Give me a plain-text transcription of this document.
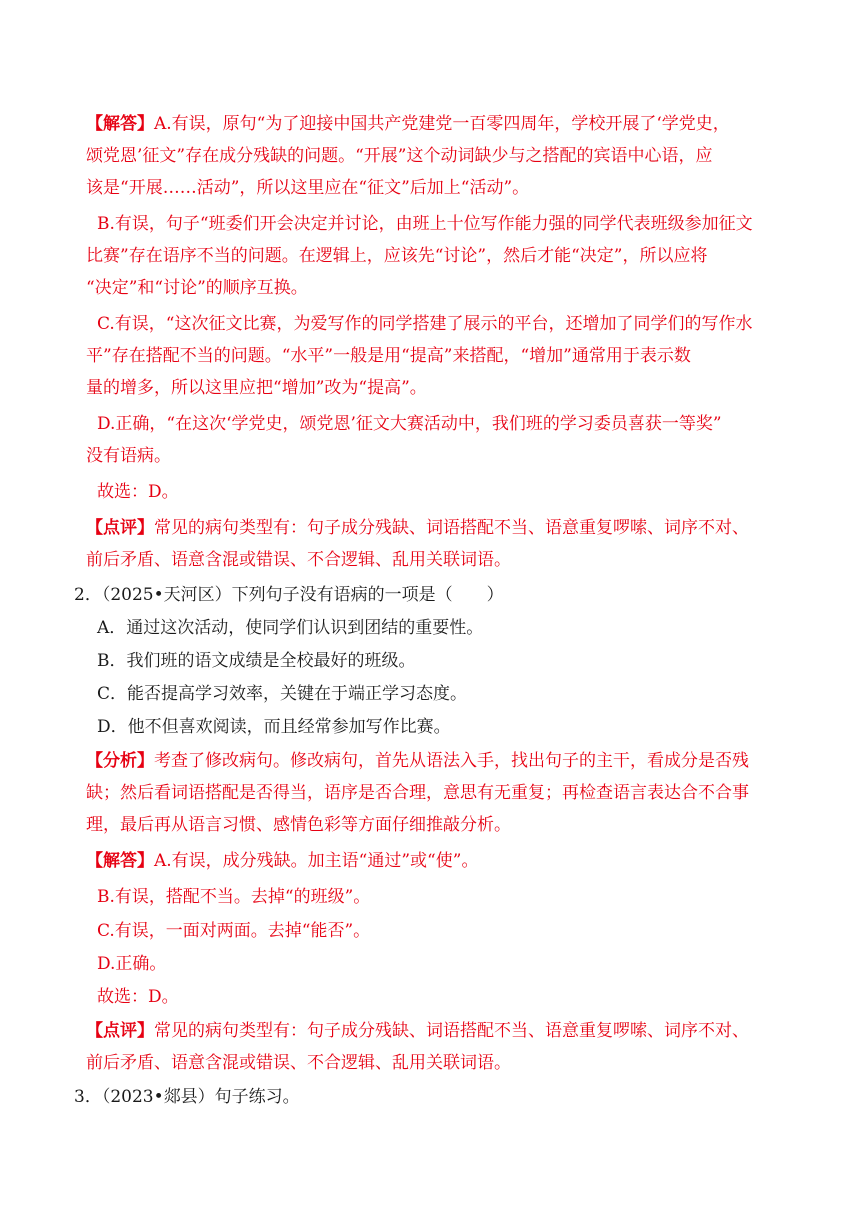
【解答】A.有误，原句“为了迎接中国共产党建党一百零四周年，学校开展了‘学党史，
颂党恩’征文”存在成分残缺的问题。“开展”这个动词缺少与之搭配的宾语中心语，应
该是“开展……活动”，所以这里应在“征文”后加上“活动”。
B.有误，句子“班委们开会决定并讨论，由班上十位写作能力强的同学代表班级参加征文
比赛”存在语序不当的问题。在逻辑上，应该先“讨论”，然后才能“决定”，所以应将
“决定”和“讨论”的顺序互换。
C.有误，“这次征文比赛，为爱写作的同学搭建了展示的平台，还增加了同学们的写作水
平”存在搭配不当的问题。“水平”一般是用“提高”来搭配，“增加”通常用于表示数
量的增多，所以这里应把“增加”改为“提高”。
D.正确，“在这次‘学党史，颂党恩’征文大赛活动中，我们班的学习委员喜获一等奖”
没有语病。
故选：D。
【点评】常见的病句类型有：句子成分残缺、词语搭配不当、语意重复啰嗦、词序不对、
前后矛盾、语意含混或错误、不合逻辑、乱用关联词语。
2．（2025•天河区）下列句子没有语病的一项是（　　）
A．通过这次活动，使同学们认识到团结的重要性。
B．我们班的语文成绩是全校最好的班级。
C．能否提高学习效率，关键在于端正学习态度。
D．他不但喜欢阅读，而且经常参加写作比赛。
【分析】考查了修改病句。修改病句，首先从语法入手，找出句子的主干，看成分是否残
缺；然后看词语搭配是否得当，语序是否合理，意思有无重复；再检查语言表达合不合事
理，最后再从语言习惯、感情色彩等方面仔细推敲分析。
【解答】A.有误，成分残缺。加主语“通过”或“使”。
B.有误，搭配不当。去掉“的班级”。
C.有误，一面对两面。去掉“能否”。
D.正确。
故选：D。
【点评】常见的病句类型有：句子成分残缺、词语搭配不当、语意重复啰嗦、词序不对、
前后矛盾、语意含混或错误、不合逻辑、乱用关联词语。
3．（2023•郯县）句子练习。
